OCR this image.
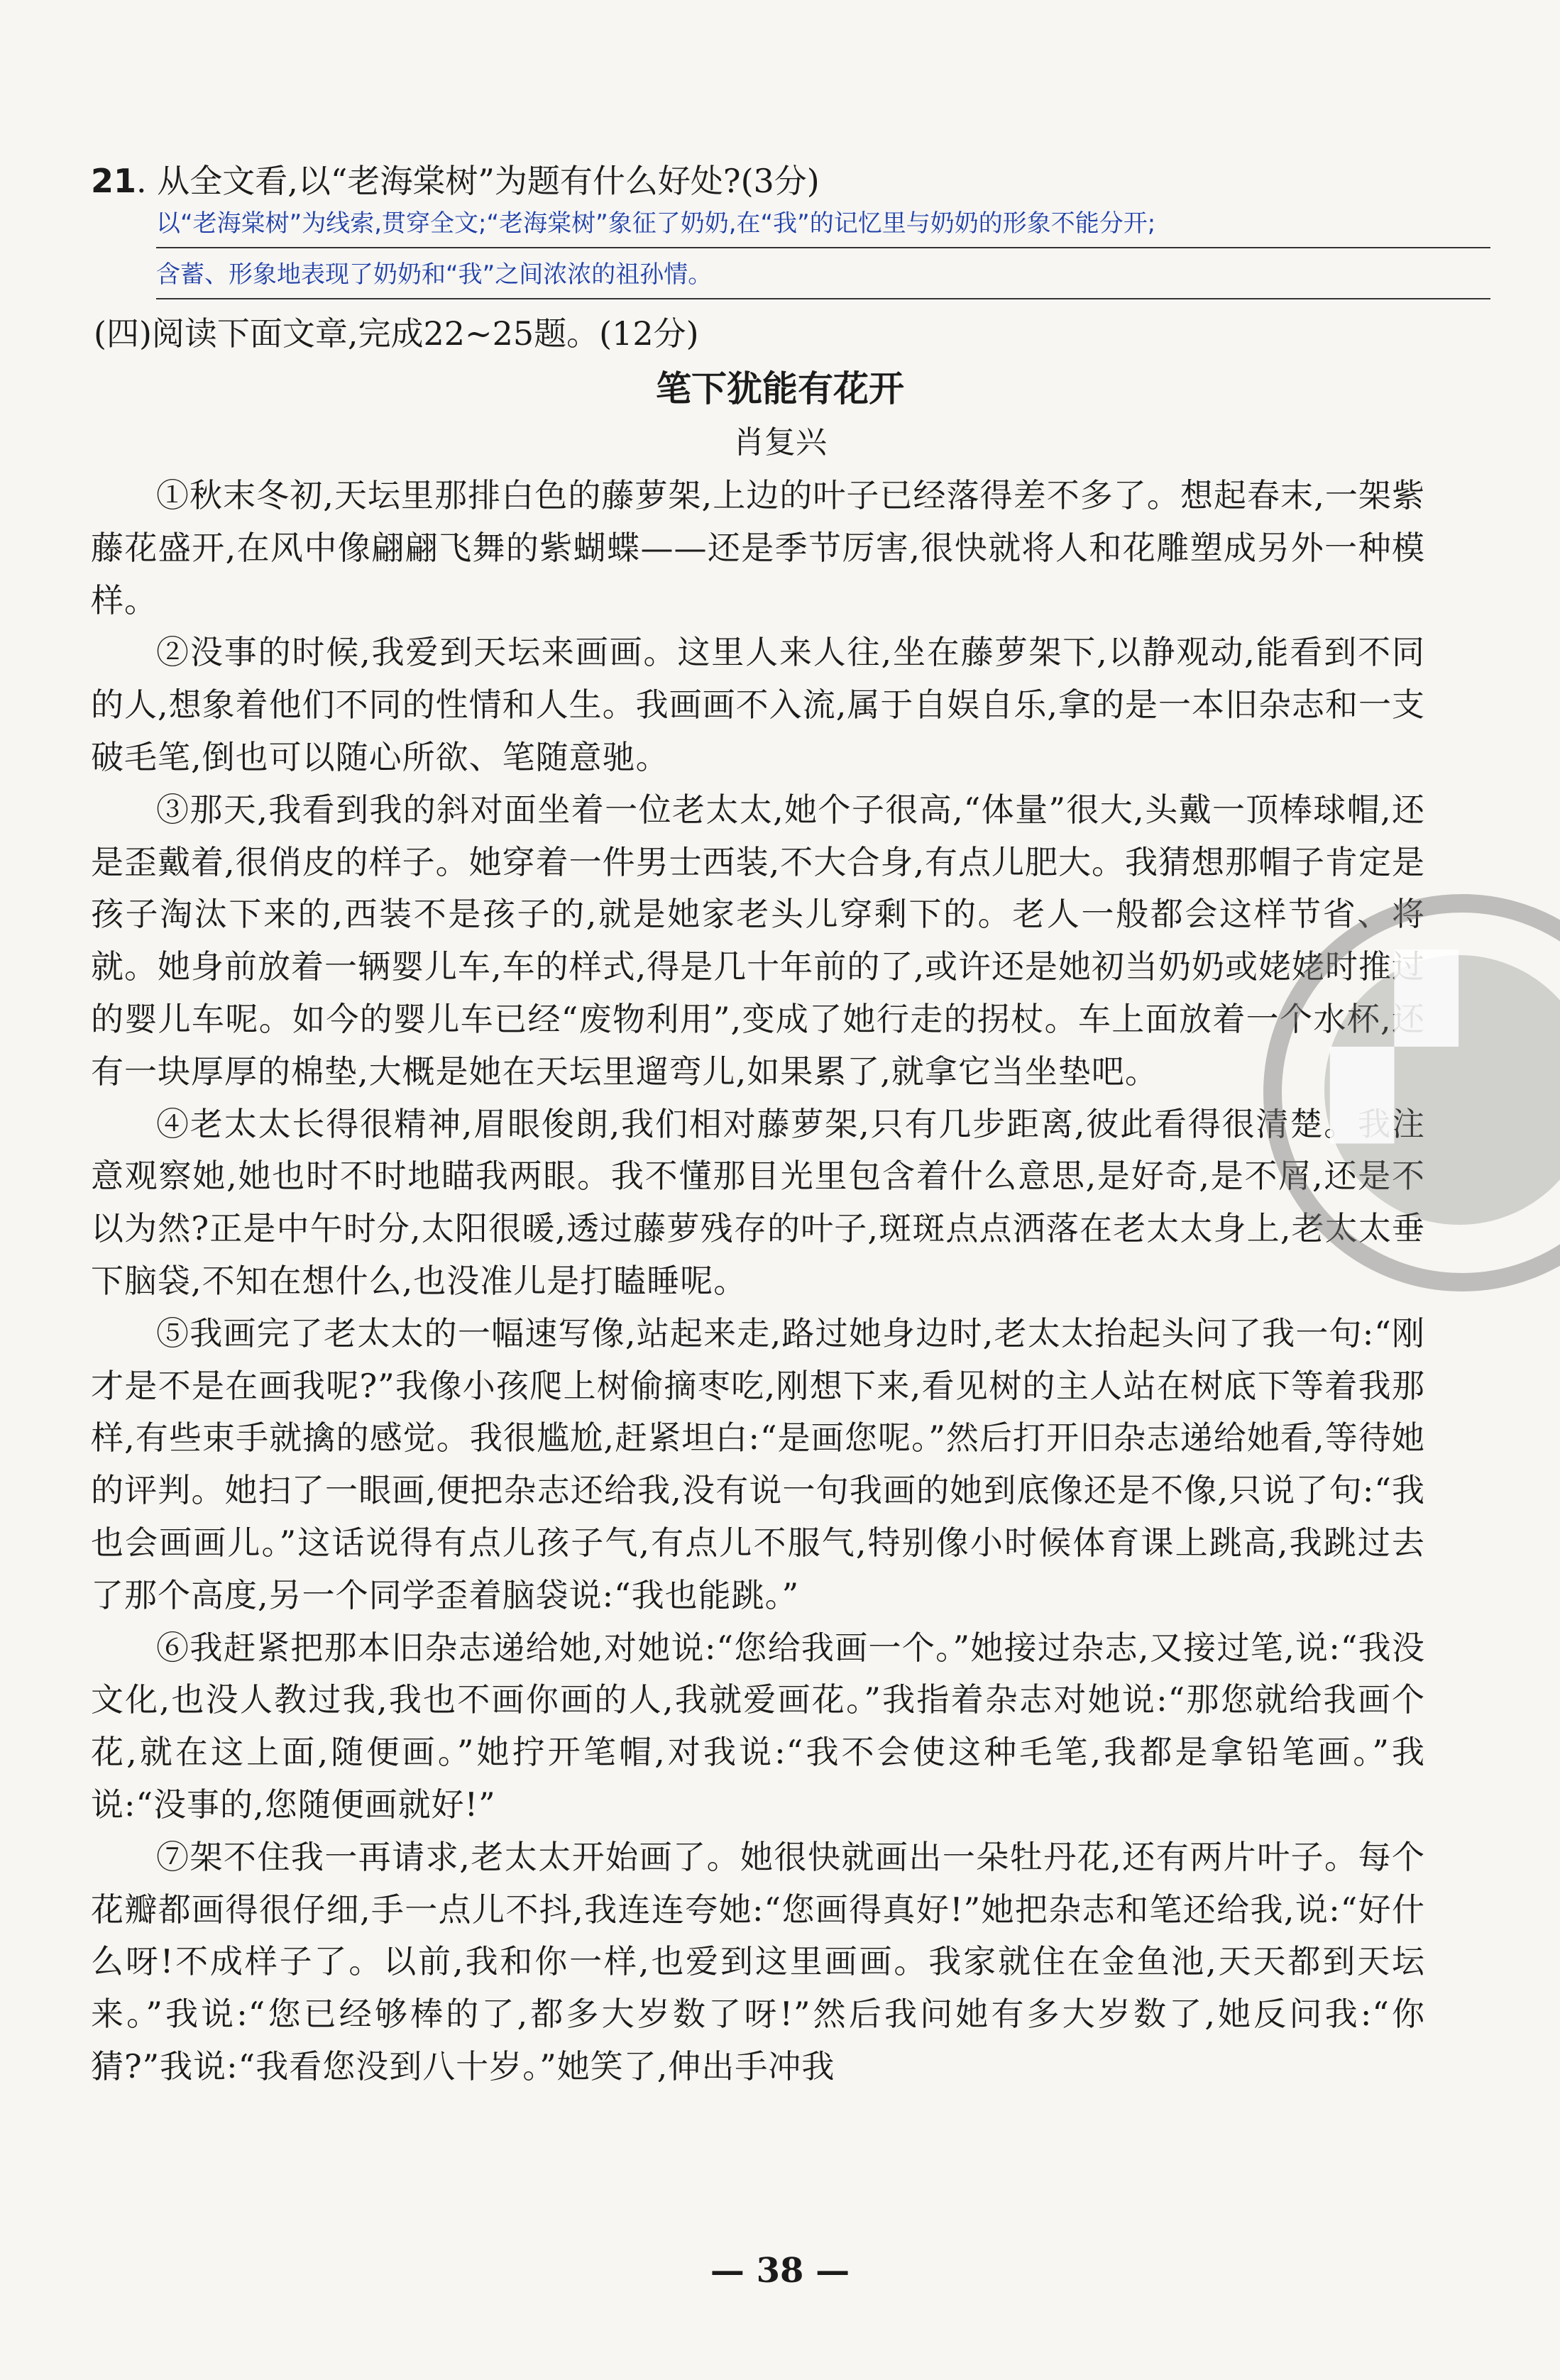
21. 从全文看,以“老海棠树”为题有什么好处?(3分)
以“老海棠树”为线索,贯穿全文;“老海棠树”象征了奶奶,在“我”的记忆里与奶奶的形象不能分开;
含蓄、形象地表现了奶奶和“我”之间浓浓的祖孙情。
(四)阅读下面文章,完成22~25题。(12分)
笔下犹能有花开
肖复兴

①秋末冬初,天坛里那排白色的藤萝架,上边的叶子已经落得差不多了。想起春末,一架紫藤花盛开,在风中像翩翩飞舞的紫蝴蝶——还是季节厉害,很快就将人和花雕塑成另外一种模样。

②没事的时候,我爱到天坛来画画。这里人来人往,坐在藤萝架下,以静观动,能看到不同的人,想象着他们不同的性情和人生。我画画不入流,属于自娱自乐,拿的是一本旧杂志和一支破毛笔,倒也可以随心所欲、笔随意驰。

③那天,我看到我的斜对面坐着一位老太太,她个子很高,“体量”很大,头戴一顶棒球帽,还是歪戴着,很俏皮的样子。她穿着一件男士西装,不大合身,有点儿肥大。我猜想那帽子肯定是孩子淘汰下来的,西装不是孩子的,就是她家老头儿穿剩下的。老人一般都会这样节省、将就。她身前放着一辆婴儿车,车的样式,得是几十年前的了,或许还是她初当奶奶或姥姥时推过的婴儿车呢。如今的婴儿车已经“废物利用”,变成了她行走的拐杖。车上面放着一个水杯,还有一块厚厚的棉垫,大概是她在天坛里遛弯儿,如果累了,就拿它当坐垫吧。

④老太太长得很精神,眉眼俊朗,我们相对藤萝架,只有几步距离,彼此看得很清楚。我注意观察她,她也时不时地瞄我两眼。我不懂那目光里包含着什么意思,是好奇,是不屑,还是不以为然?正是中午时分,太阳很暖,透过藤萝残存的叶子,斑斑点点洒落在老太太身上,老太太垂下脑袋,不知在想什么,也没准儿是打瞌睡呢。

⑤我画完了老太太的一幅速写像,站起来走,路过她身边时,老太太抬起头问了我一句:“刚才是不是在画我呢?”我像小孩爬上树偷摘枣吃,刚想下来,看见树的主人站在树底下等着我那样,有些束手就擒的感觉。我很尴尬,赶紧坦白:“是画您呢。”然后打开旧杂志递给她看,等待她的评判。她扫了一眼画,便把杂志还给我,没有说一句我画的她到底像还是不像,只说了句:“我也会画画儿。”这话说得有点儿孩子气,有点儿不服气,特别像小时候体育课上跳高,我跳过去了那个高度,另一个同学歪着脑袋说:“我也能跳。”

⑥我赶紧把那本旧杂志递给她,对她说:“您给我画一个。”她接过杂志,又接过笔,说:“我没文化,也没人教过我,我也不画你画的人,我就爱画花。”我指着杂志对她说:“那您就给我画个花,就在这上面,随便画。”她拧开笔帽,对我说:“我不会使这种毛笔,我都是拿铅笔画。”我说:“没事的,您随便画就好!”

⑦架不住我一再请求,老太太开始画了。她很快就画出一朵牡丹花,还有两片叶子。每个花瓣都画得很仔细,手一点儿不抖,我连连夸她:“您画得真好!”她把杂志和笔还给我,说:“好什么呀!不成样子了。以前,我和你一样,也爱到这里画画。我家就住在金鱼池,天天都到天坛来。”我说:“您已经够棒的了,都多大岁数了呀!”然后我问她有多大岁数了,她反问我:“你猜?”我说:“我看您没到八十岁。”她笑了,伸出手冲我

▞
— 38 —
